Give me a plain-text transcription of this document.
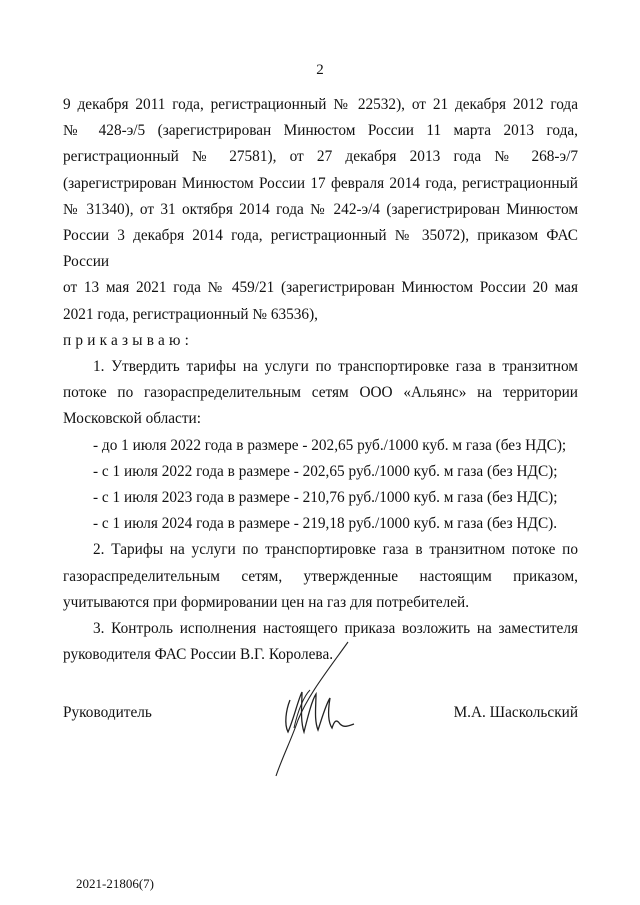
2

9 декабря 2011 года, регистрационный № 22532), от 21 декабря 2012 года

№ 428-э/5 (зарегистрирован Минюстом России 11 марта 2013 года,

регистрационный № 27581), от 27 декабря 2013 года № 268-э/7

(зарегистрирован Минюстом России 17 февраля 2014 года, регистрационный

№ 31340), от 31 октября 2014 года № 242-э/4 (зарегистрирован Минюстом

России 3 декабря 2014 года, регистрационный № 35072), приказом ФАС России

от 13 мая 2021 года № 459/21 (зарегистрирован Минюстом России 20 мая

2021 года, регистрационный № 63536),

приказываю:

1. Утвердить тарифы на услуги по транспортировке газа в транзитном

потоке по газораспределительным сетям ООО «Альянс» на территории

Московской области:

- до 1 июля 2022 года в размере - 202,65 руб./1000 куб. м газа (без НДС);

- с 1 июля 2022 года в размере - 202,65 руб./1000 куб. м газа (без НДС);

- с 1 июля 2023 года в размере - 210,76 руб./1000 куб. м газа (без НДС);

- с 1 июля 2024 года в размере - 219,18 руб./1000 куб. м газа (без НДС).

2. Тарифы на услуги по транспортировке газа в транзитном потоке по

газораспределительным сетям, утвержденные настоящим приказом,

учитываются при формировании цен на газ для потребителей.

3. Контроль исполнения настоящего приказа возложить на заместителя

руководителя ФАС России В.Г. Королева.

Руководитель	М.А. Шаскольский
2021-21806(7)
